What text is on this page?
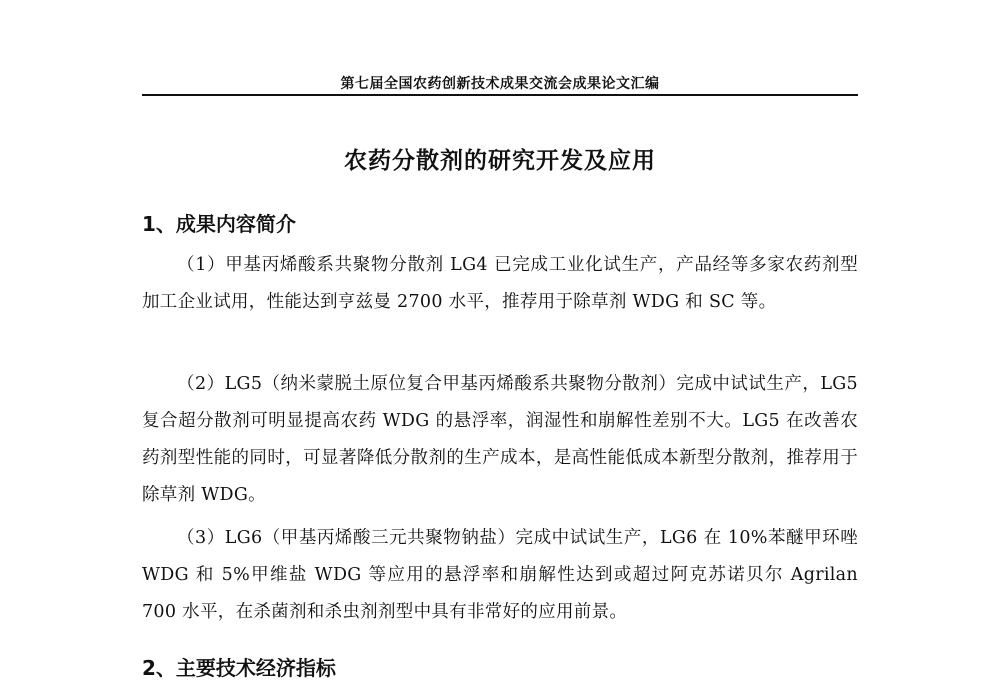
第七届全国农药创新技术成果交流会成果论文汇编
农药分散剂的研究开发及应用
1、成果内容简介

（1）甲基丙烯酸系共聚物分散剂 LG4 已完成工业化试生产，产品经等多家农药剂型加工企业试用，性能达到亨兹曼 2700 水平，推荐用于除草剂 WDG 和 SC 等。

（2）LG5（纳米蒙脱土原位复合甲基丙烯酸系共聚物分散剂）完成中试试生产，LG5 复合超分散剂可明显提高农药 WDG 的悬浮率，润湿性和崩解性差别不大。LG5 在改善农药剂型性能的同时，可显著降低分散剂的生产成本，是高性能低成本新型分散剂，推荐用于除草剂 WDG。

（3）LG6（甲基丙烯酸三元共聚物钠盐）完成中试试生产，LG6 在 10%苯醚甲环唑 WDG 和 5%甲维盐 WDG 等应用的悬浮率和崩解性达到或超过阿克苏诺贝尔 Agrilan 700 水平，在杀菌剂和杀虫剂剂型中具有非常好的应用前景。

2、主要技术经济指标
